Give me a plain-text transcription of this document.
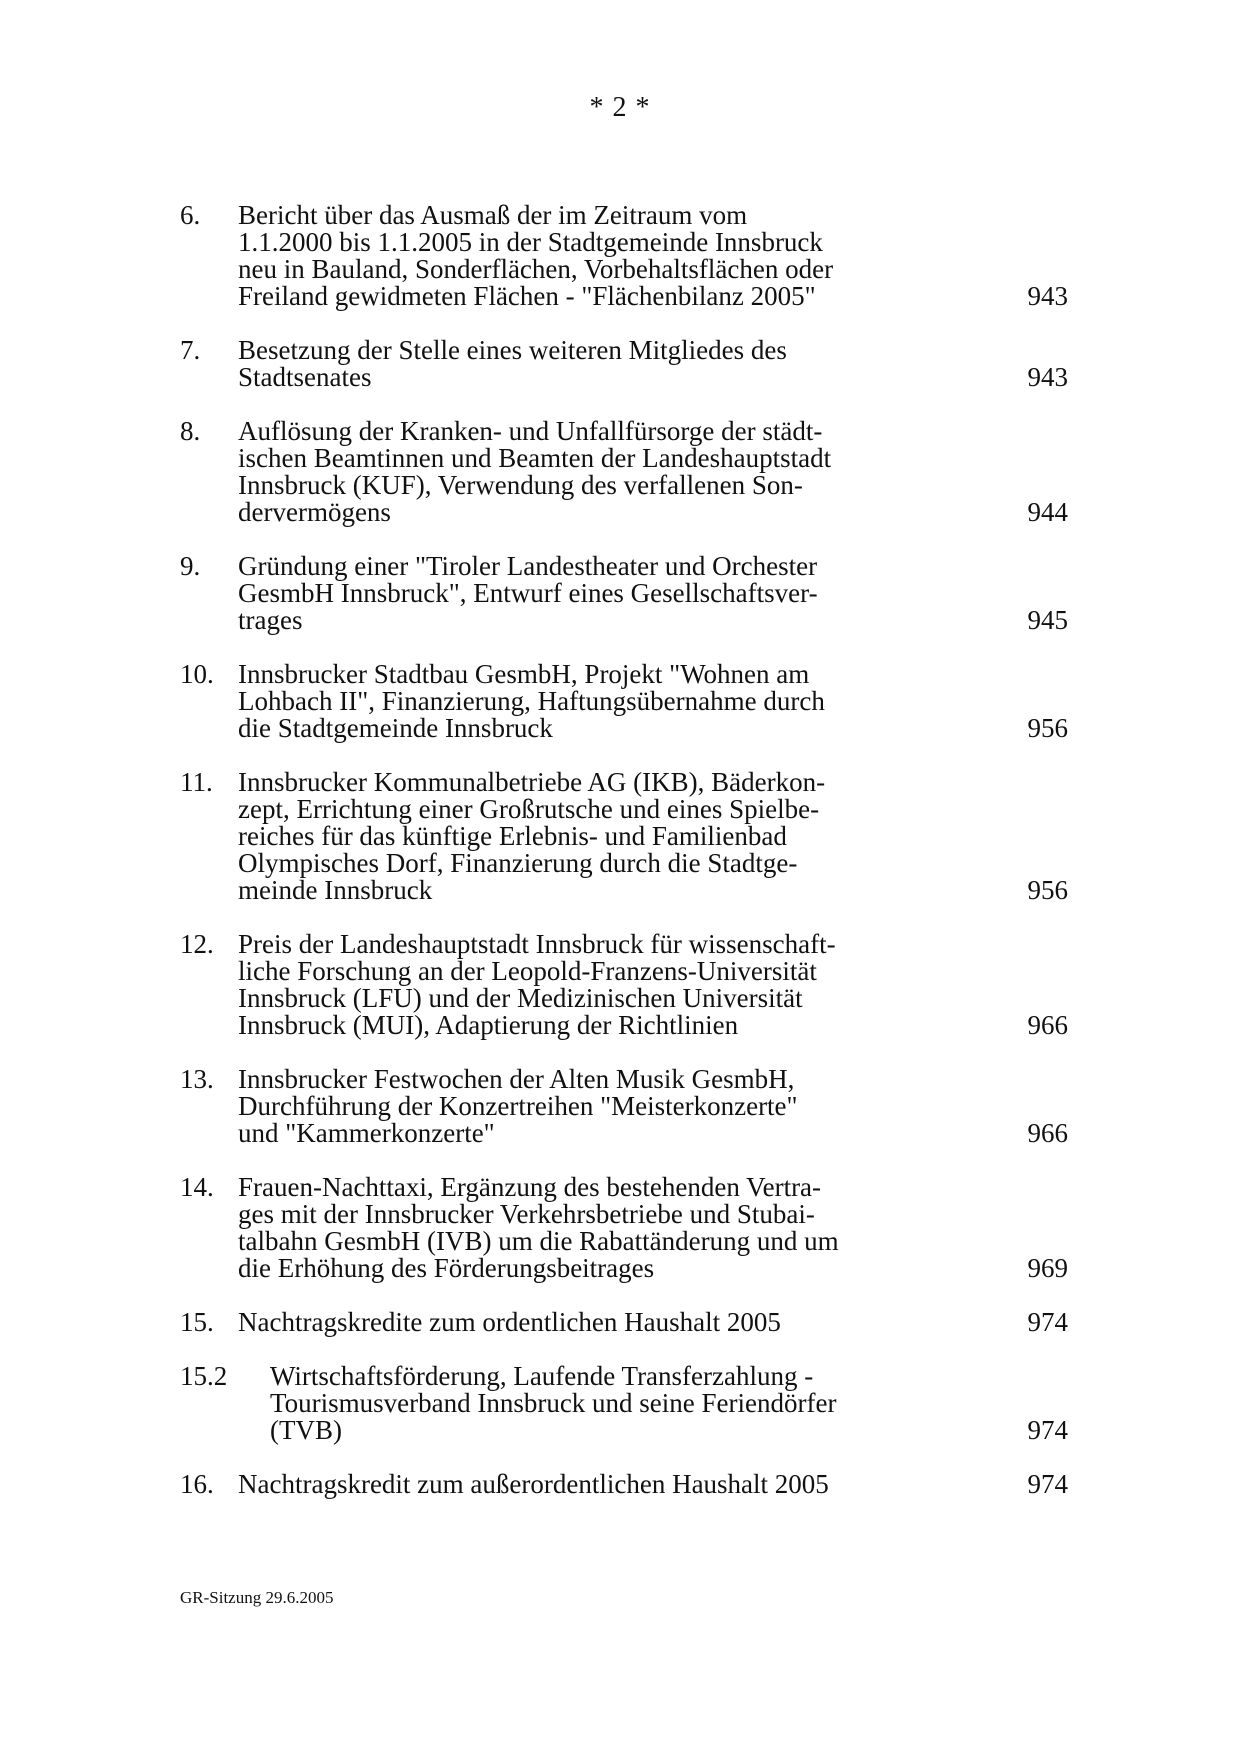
* 2 *
6.	Bericht über das Ausmaß der im Zeitraum vom
1.1.2000 bis 1.1.2005 in der Stadtgemeinde Innsbruck
neu in Bauland, Sonderflächen, Vorbehaltsflächen oder
Freiland gewidmeten Flächen - "Flächenbilanz 2005"	943
7.	Besetzung der Stelle eines weiteren Mitgliedes des
Stadtsenates	943
8.	Auflösung der Kranken- und Unfallfürsorge der städt-
ischen Beamtinnen und Beamten der Landeshauptstadt
Innsbruck (KUF), Verwendung des verfallenen Son-
dervermögens	944
9.	Gründung einer "Tiroler Landestheater und Orchester
GesmbH Innsbruck", Entwurf eines Gesellschaftsver-
trages	945
10. Innsbrucker Stadtbau GesmbH, Projekt "Wohnen am
Lohbach II", Finanzierung, Haftungsübernahme durch
die Stadtgemeinde Innsbruck	956
11. Innsbrucker Kommunalbetriebe AG (IKB), Bäderkon-
zept, Errichtung einer Großrutsche und eines Spielbe-
reiches für das künftige Erlebnis- und Familienbad
Olympisches Dorf, Finanzierung durch die Stadtge-
meinde Innsbruck	956
12. Preis der Landeshauptstadt Innsbruck für wissenschaft-
liche Forschung an der Leopold-Franzens-Universität
Innsbruck (LFU) und der Medizinischen Universität
Innsbruck (MUI), Adaptierung der Richtlinien	966
13. Innsbrucker Festwochen der Alten Musik GesmbH,
Durchführung der Konzertreihen "Meisterkonzerte"
und "Kammerkonzerte"	966
14. Frauen-Nachttaxi, Ergänzung des bestehenden Vertra-
ges mit der Innsbrucker Verkehrsbetriebe und Stubai-
talbahn GesmbH (IVB) um die Rabattänderung und um
die Erhöhung des Förderungsbeitrages	969
15. Nachtragskredite zum ordentlichen Haushalt 2005	974
15.2	Wirtschaftsförderung, Laufende Transferzahlung -
Tourismusverband Innsbruck und seine Feriendörfer
(TVB)	974
16. Nachtragskredit zum außerordentlichen Haushalt 2005	974
GR-Sitzung 29.6.2005
